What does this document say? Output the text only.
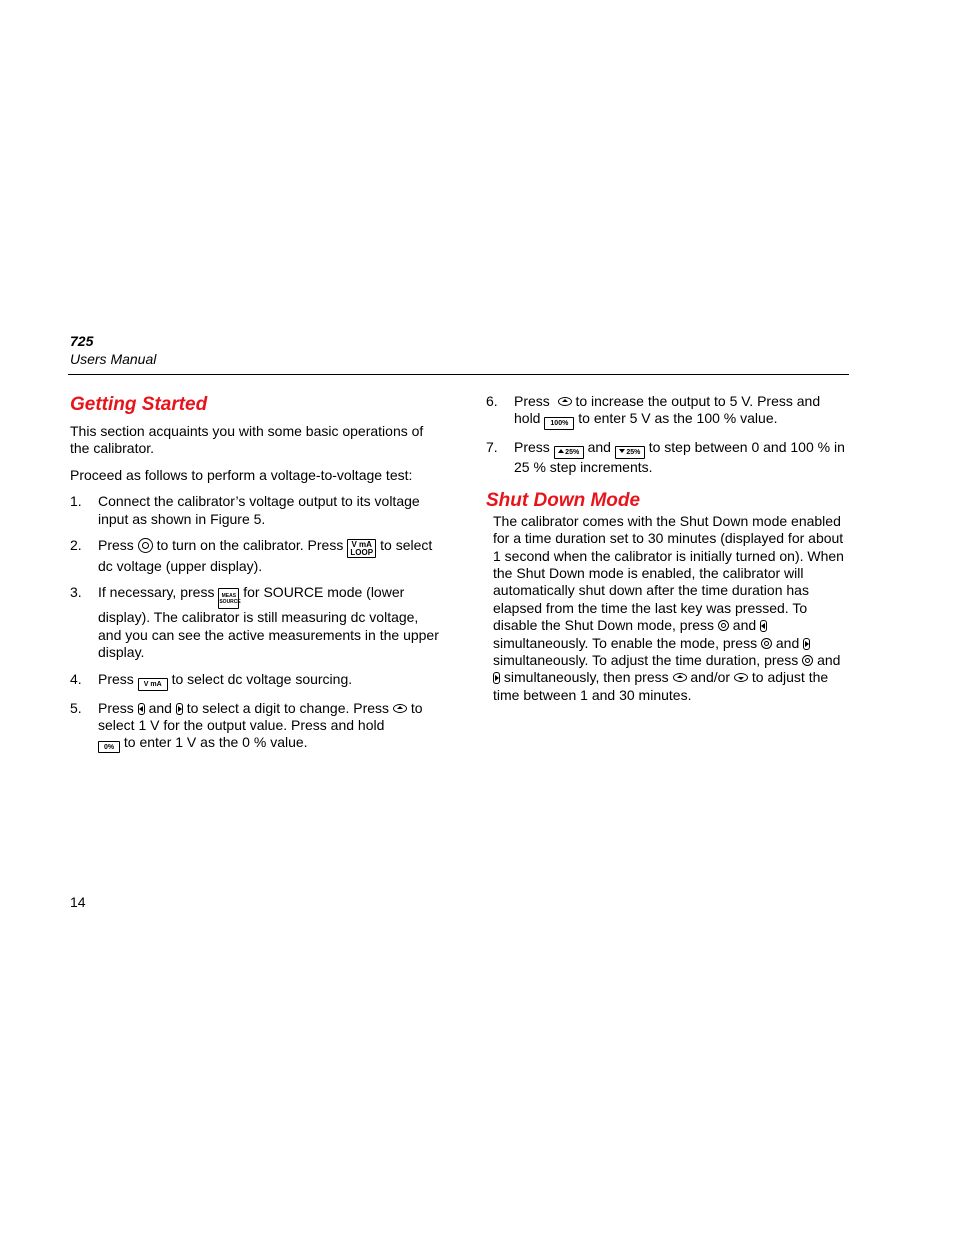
725
Users Manual
Getting Started

This section acquaints you with some basic operations of the calibrator.

Proceed as follows to perform a voltage-to-voltage test:

1. Connect the calibrator’s voltage output to its voltage input as shown in Figure 5.
2. Press to turn on the calibrator. Press V mA
LOOP to select dc voltage (upper display).
3. If necessary, press MEAS
SOURCE for SOURCE mode (lower display). The calibrator is still measuring dc voltage, and you can see the active measurements in the upper display.
4. Press V mA to select dc voltage sourcing.
5. Press and to select a digit to change. Press to select 1 V for the output value. Press and hold
0% to enter 1 V as the 0 % value.
6. Press to increase the output to 5 V. Press and hold 100% to enter 5 V as the 100 % value.
7. Press 25% and 25% to step between 0 and 100 % in 25 % step increments.
Shut Down Mode
The calibrator comes with the Shut Down mode enabled for a time duration set to 30 minutes (displayed for about 1 second when the calibrator is initially turned on). When the Shut Down mode is enabled, the calibrator will automatically shut down after the time duration has elapsed from the time the last key was pressed. To disable the Shut Down mode, press and  simultaneously. To enable the mode, press and  simultaneously. To adjust the time duration, press and  simultaneously, then press and/or to adjust the time between 1 and 30 minutes.
14
